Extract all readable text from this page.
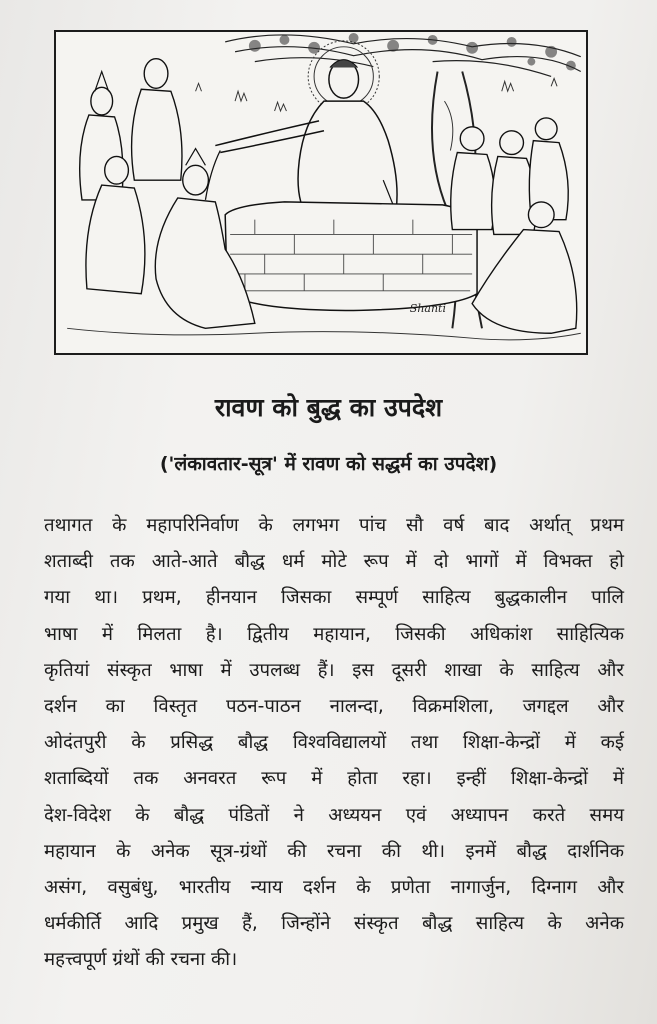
Shanti
रावण को बुद्ध का उपदेश
('लंकावतार-सूत्र' में रावण को सद्धर्म का उपदेश)
तथागत के महापरिनिर्वाण के लगभग पांच सौ वर्ष बाद अर्थात् प्रथम
शताब्दी तक आते-आते बौद्ध धर्म मोटे रूप में दो भागों में विभक्त हो
गया था। प्रथम, हीनयान जिसका सम्पूर्ण साहित्य बुद्धकालीन पालि
भाषा में मिलता है। द्वितीय महायान, जिसकी अधिकांश साहित्यिक
कृतियां संस्कृत भाषा में उपलब्ध हैं। इस दूसरी शाखा के साहित्य और
दर्शन का विस्तृत पठन-पाठन नालन्दा, विक्रमशिला, जगद्दल और
ओदंतपुरी के प्रसिद्ध बौद्ध विश्वविद्यालयों तथा शिक्षा-केन्द्रों में कई
शताब्दियों तक अनवरत रूप में होता रहा। इन्हीं शिक्षा-केन्द्रों में
देश-विदेश के बौद्ध पंडितों ने अध्ययन एवं अध्यापन करते समय
महायान के अनेक सूत्र-ग्रंथों की रचना की थी। इनमें बौद्ध दार्शनिक
असंग, वसुबंधु, भारतीय न्याय दर्शन के प्रणेता नागार्जुन, दिग्नाग और
धर्मकीर्ति आदि प्रमुख हैं, जिन्होंने संस्कृत बौद्ध साहित्य के अनेक
महत्त्वपूर्ण ग्रंथों की रचना की।
